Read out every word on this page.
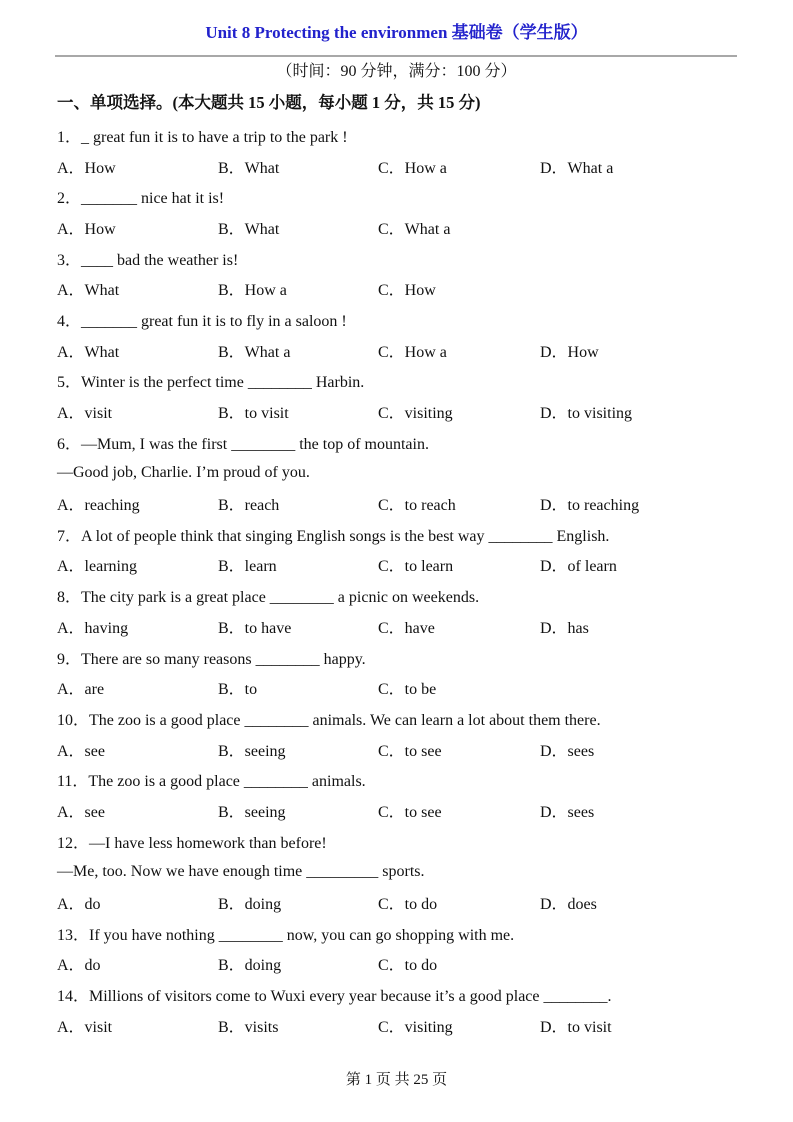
Unit 8 Protecting the environmen 基础卷（学生版）
（时间：90 分钟，满分：100 分）
一、单项选择。(本大题共 15 小题，每小题 1 分，共 15 分)
1．_ great fun it is to have a trip to the park !
A．How	B．What	C．How a	D．What a
2．_______ nice hat it is!
A．How	B．What	C．What a
3．____ bad the weather is!
A．What	B．How a	C．How
4．_______ great fun it is to fly in a saloon !
A．What	B．What a	C．How a	D．How
5．Winter is the perfect time ________ Harbin.
A．visit	B．to visit	C．visiting	D．to visiting
6．—Mum, I was the first ________ the top of mountain.
—Good job, Charlie. I’m proud of you.
A．reaching	B．reach	C．to reach	D．to reaching
7．A lot of people think that singing English songs is the best way ________ English.
A．learning	B．learn	C．to learn	D．of learn
8．The city park is a great place ________ a picnic on weekends.
A．having	B．to have	C．have	D．has
9．There are so many reasons ________ happy.
A．are	B．to	C．to be
10．The zoo is a good place ________ animals. We can learn a lot about them there.
A．see	B．seeing	C．to see	D．sees
11．The zoo is a good place ________ animals.
A．see	B．seeing	C．to see	D．sees
12．—I have less homework than before!
—Me, too. Now we have enough time _________ sports.
A．do	B．doing	C．to do	D．does
13．If you have nothing ________ now, you can go shopping with me.
A．do	B．doing	C．to do
14．Millions of visitors come to Wuxi every year because it’s a good place ________.
A．visit	B．visits	C．visiting	D．to visit
第 1 页 共 25 页
